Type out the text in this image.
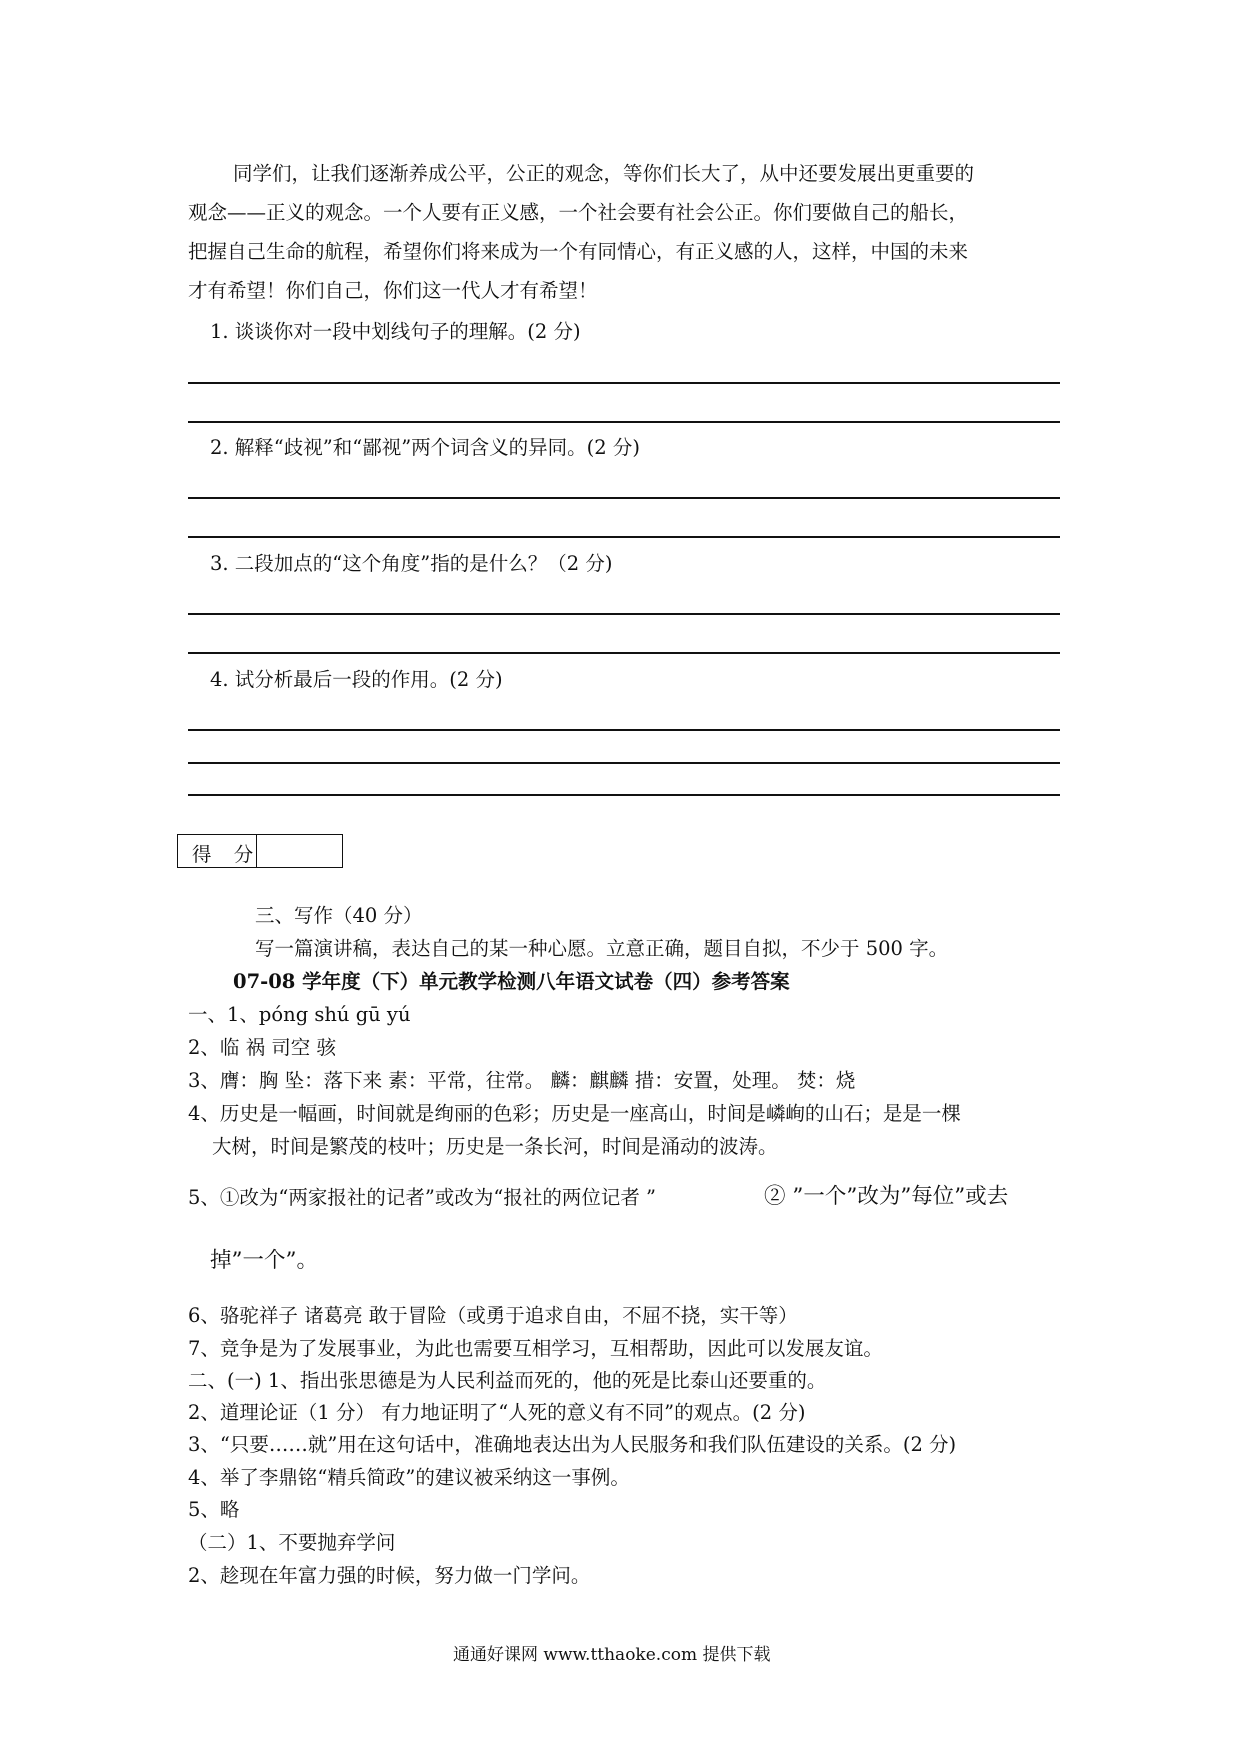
同学们，让我们逐渐养成公平，公正的观念，等你们长大了，从中还要发展出更重要的
观念——正义的观念。一个人要有正义感，一个社会要有社会公正。你们要做自己的船长，
把握自己生命的航程，希望你们将来成为一个有同情心，有正义感的人，这样，中国的未来
才有希望！你们自己，你们这一代人才有希望！
1. 谈谈你对一段中划线句子的理解。(2 分)
2. 解释“歧视”和“鄙视”两个词含义的异同。(2 分)
3. 二段加点的“这个角度”指的是什么？（2 分)
4. 试分析最后一段的作用。(2 分)
得 分
三、写作（40 分）
写一篇演讲稿，表达自己的某一种心愿。立意正确，题目自拟，不少于 500 字。
07-08 学年度（下）单元教学检测八年语文试卷（四）参考答案
一、1、póng shú gū yú
2、临 祸 司空 骇
3、膺：胸 坠：落下来 素：平常，往常。 麟：麒麟 措：安置，处理。 焚：烧
4、历史是一幅画，时间就是绚丽的色彩；历史是一座高山，时间是嶙峋的山石；是是一棵
大树，时间是繁茂的枝叶；历史是一条长河，时间是涌动的波涛。
5、①改为“两家报社的记者”或改为“报社的两位记者 ”	② ”一个”改为”每位”或去
掉”一个”。
6、骆驼祥子 诸葛亮 敢于冒险（或勇于追求自由，不屈不挠，实干等）
7、竞争是为了发展事业，为此也需要互相学习，互相帮助，因此可以发展友谊。
二、(一) 1、指出张思德是为人民利益而死的，他的死是比泰山还要重的。
2、道理论证（1 分） 有力地证明了“人死的意义有不同”的观点。(2 分)
3、“只要……就”用在这句话中，准确地表达出为人民服务和我们队伍建设的关系。(2 分)
4、举了李鼎铭“精兵简政”的建议被采纳这一事例。
5、略
（二）1、不要抛弃学问
2、趁现在年富力强的时候，努力做一门学问。
通通好课网 www.tthaoke.com 提供下载
